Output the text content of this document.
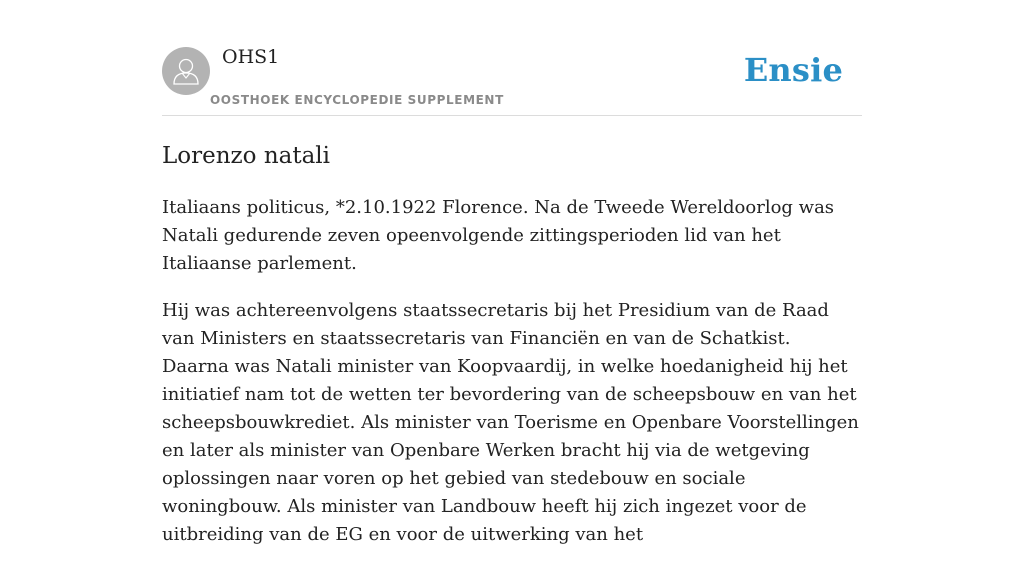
OHS1
OOSTHOEK ENCYCLOPEDIE SUPPLEMENT
Ensie
Lorenzo natali

Italiaans politicus, *2.10.1922 Florence. Na de Tweede Wereldoorlog was Natali gedurende zeven opeenvolgende zittingsperioden lid van het Italiaanse parlement.

Hij was achtereenvolgens staatssecretaris bij het Presidium van de Raad van Ministers en staatssecretaris van Financiën en van de Schatkist. Daarna was Natali minister van Koopvaardij, in welke hoedanigheid hij het initiatief nam tot de wetten ter bevordering van de scheepsbouw en van het scheepsbouwkrediet. Als minister van Toerisme en Openbare Voorstellingen en later als minister van Openbare Werken bracht hij via de wetgeving oplossingen naar voren op het gebied van stedebouw en sociale woningbouw. Als minister van Landbouw heeft hij zich ingezet voor de uitbreiding van de EG en voor de uitwerking van het
